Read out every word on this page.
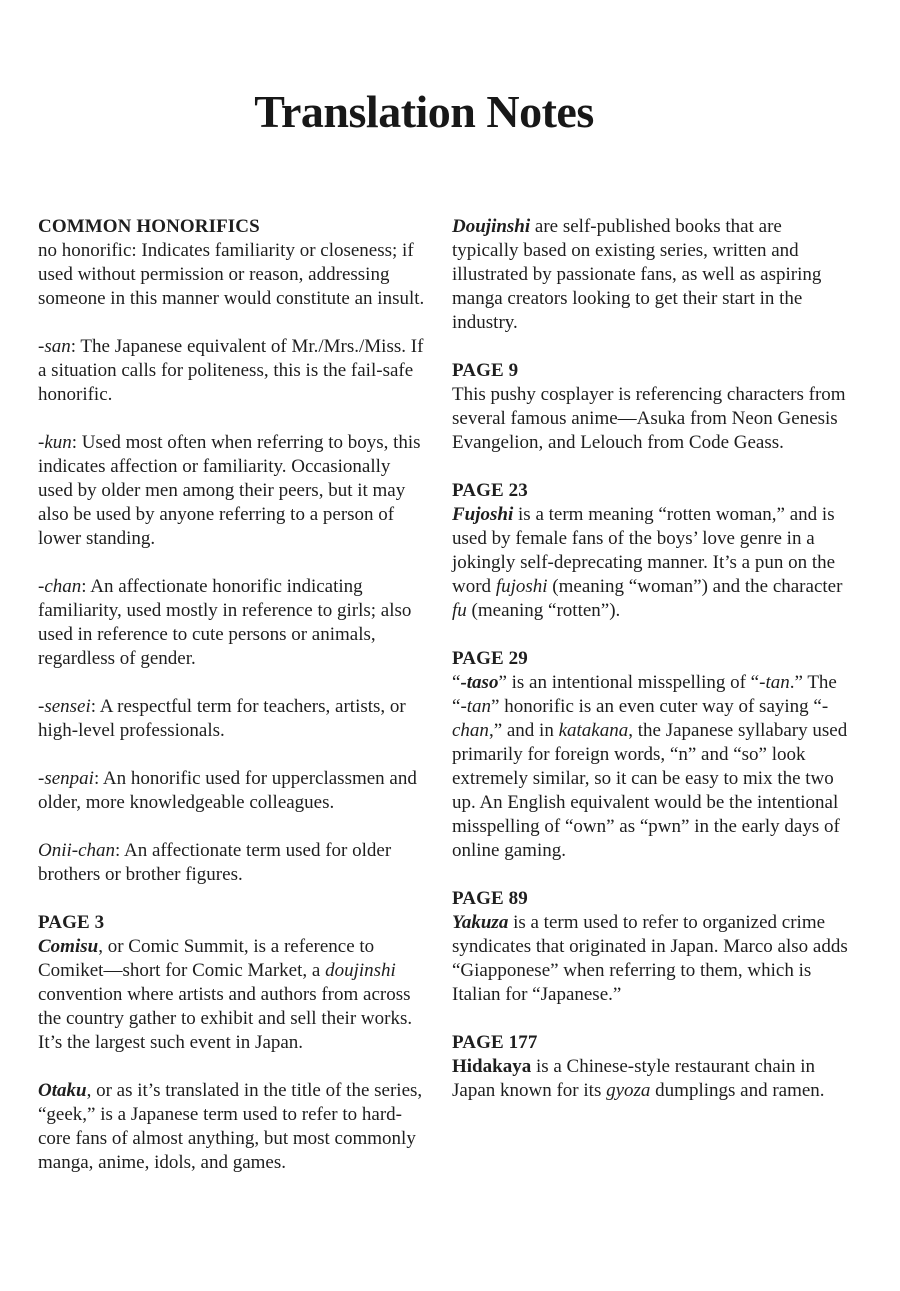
Translation Notes

COMMON HONORIFICS

no honorific: Indicates familiarity or closeness; if used without permission or reason, addressing someone in this manner would constitute an insult.

-san: The Japanese equivalent of Mr./Mrs./Miss. If a situation calls for politeness, this is the fail-safe honorific.

-kun: Used most often when referring to boys, this indicates affection or familiarity. Occasionally used by older men among their peers, but it may also be used by anyone referring to a person of lower standing.

-chan: An affectionate honorific indicating familiarity, used mostly in reference to girls; also used in reference to cute persons or animals, regardless of gender.

-sensei: A respectful term for teachers, artists, or high-level professionals.

-senpai: An honorific used for upperclassmen and older, more knowledgeable colleagues.

Onii-chan: An affectionate term used for older brothers or brother figures.

PAGE 3

Comisu, or Comic Summit, is a reference to Comiket—short for Comic Market, a doujinshi convention where artists and authors from across the country gather to exhibit and sell their works. It’s the largest such event in Japan.

Otaku, or as it’s translated in the title of the series, “geek,” is a Japanese term used to refer to hard-core fans of almost anything, but most commonly manga, anime, idols, and games.

Doujinshi are self-published books that are typically based on existing series, written and illustrated by passionate fans, as well as aspiring manga creators looking to get their start in the industry.

PAGE 9

This pushy cosplayer is referencing characters from several famous anime—Asuka from Neon Genesis Evangelion, and Lelouch from Code Geass.

PAGE 23

Fujoshi is a term meaning “rotten woman,” and is used by female fans of the boys’ love genre in a jokingly self-deprecating manner. It’s a pun on the word fujoshi (meaning “woman”) and the character fu (meaning “rotten”).

PAGE 29

“-taso” is an intentional misspelling of “-tan.” The “-tan” honorific is an even cuter way of saying “-chan,” and in katakana, the Japanese syllabary used primarily for foreign words, “n” and “so” look extremely similar, so it can be easy to mix the two up. An English equivalent would be the intentional misspelling of “own” as “pwn” in the early days of online gaming.

PAGE 89

Yakuza is a term used to refer to organized crime syndicates that originated in Japan. Marco also adds “Giapponese” when referring to them, which is Italian for “Japanese.”

PAGE 177

Hidakaya is a Chinese-style restaurant chain in Japan known for its gyoza dumplings and ramen.
